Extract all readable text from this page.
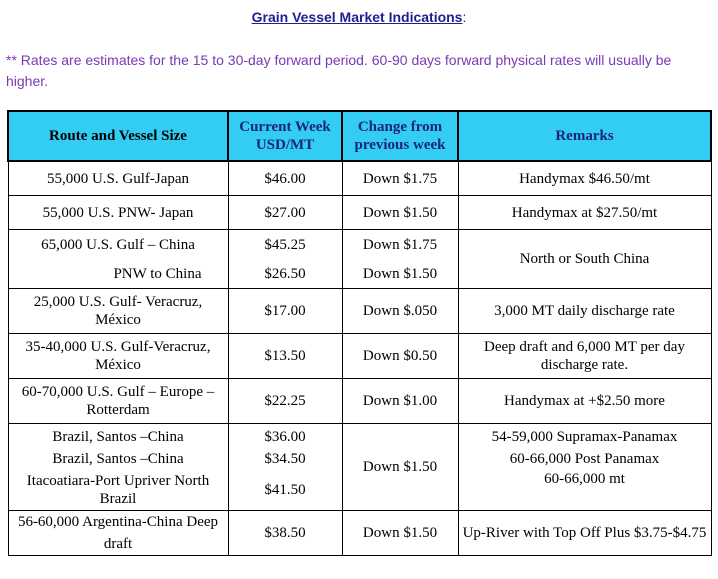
Grain Vessel Market Indications:
** Rates are estimates for the 15 to 30-day forward period. 60-90 days forward physical rates will usually be higher.
Route and Vessel Size	Current Week USD/MT	Change from previous week	Remarks
55,000 U.S. Gulf-Japan	$46.00	Down $1.75	Handymax $46.50/mt
55,000 U.S. PNW- Japan	$27.00	Down $1.50	Handymax at $27.50/mt
65,000 U.S. Gulf – China	$45.25	Down $1.75	North or South China
PNW to China	$26.50	Down $1.50	
25,000 U.S. Gulf- Veracruz, México	$17.00	Down $.050	3,000 MT daily discharge rate
35-40,000 U.S. Gulf-Veracruz, México	$13.50	Down $0.50	Deep draft and 6,000 MT per day discharge rate.
60-70,000 U.S. Gulf – Europe – Rotterdam	$22.25	Down $1.00	Handymax at +$2.50 more
Brazil, Santos –China	$36.00	Down $1.50	54-59,000 Supramax-Panamax
Brazil, Santos –China	$34.50		60-66,000 Post Panamax
Itacoatiara-Port Upriver North Brazil	$41.50		60-66,000 mt
56-60,000 Argentina-China Deep draft	$38.50	Down $1.50	Up-River with Top Off Plus $3.75-$4.75
